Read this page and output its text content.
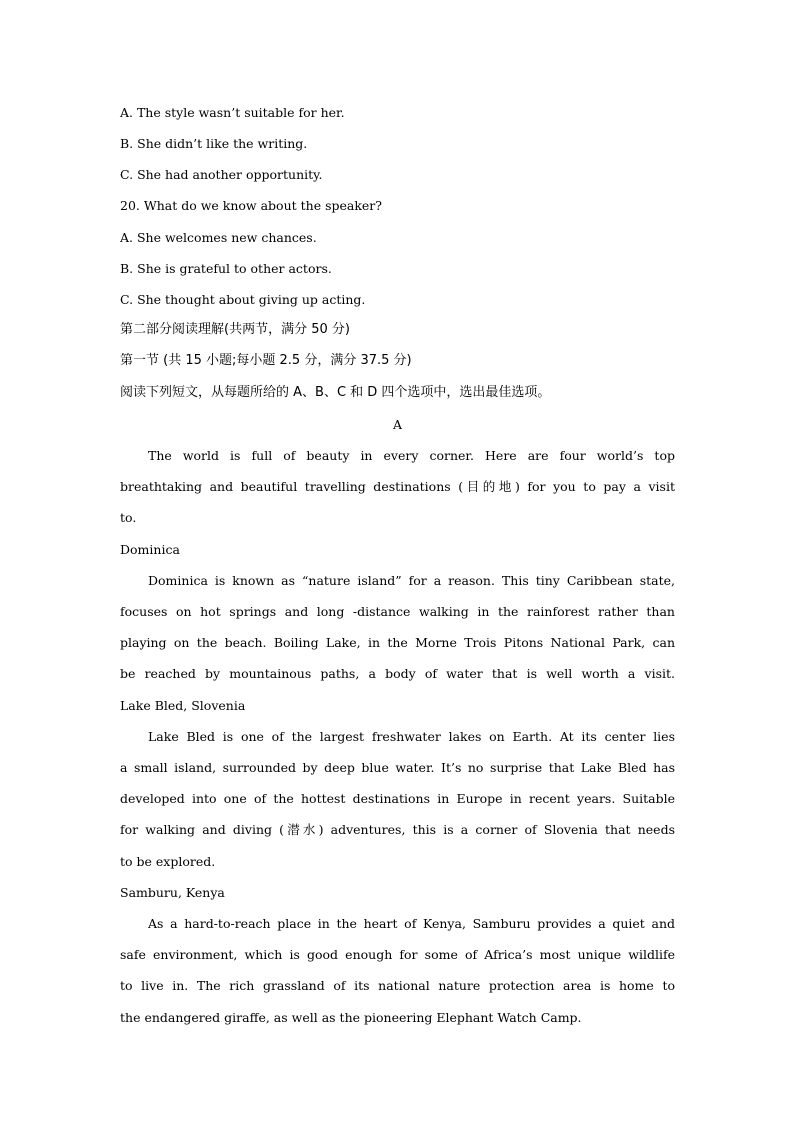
A. The style wasn’t suitable for her.
B. She didn’t like the writing.
C. She had another opportunity.
20. What do we know about the speaker?
A. She welcomes new chances.
B. She is grateful to other actors.
C. She thought about giving up acting.
第二部分阅读理解(共两节，满分 50 分)
第一节 (共 15 小题;每小题 2.5 分，满分 37.5 分)
阅读下列短文，从每题所给的 A、B、C 和 D 四个选项中，选出最佳选项。
A
The world is full of beauty in every corner. Here are four world’s top
breathtaking and beautiful travelling destinations (目的地) for you to pay a visit
to.
Dominica
Dominica is known as “nature island” for a reason. This tiny Caribbean state,
focuses on hot springs and long -distance walking in the rainforest rather than
playing on the beach. Boiling Lake, in the Morne Trois Pitons National Park, can
be reached by mountainous paths, a body of water that is well worth a visit.
Lake Bled, Slovenia
Lake Bled is one of the largest freshwater lakes on Earth. At its center lies
a small island, surrounded by deep blue water. It’s no surprise that Lake Bled has
developed into one of the hottest destinations in Europe in recent years. Suitable
for walking and diving (潜水) adventures, this is a corner of Slovenia that needs
to be explored.
Samburu, Kenya
As a hard-to-reach place in the heart of Kenya, Samburu provides a quiet and
safe environment, which is good enough for some of Africa’s most unique wildlife
to live in. The rich grassland of its national nature protection area is home to
the endangered giraffe, as well as the pioneering Elephant Watch Camp.
